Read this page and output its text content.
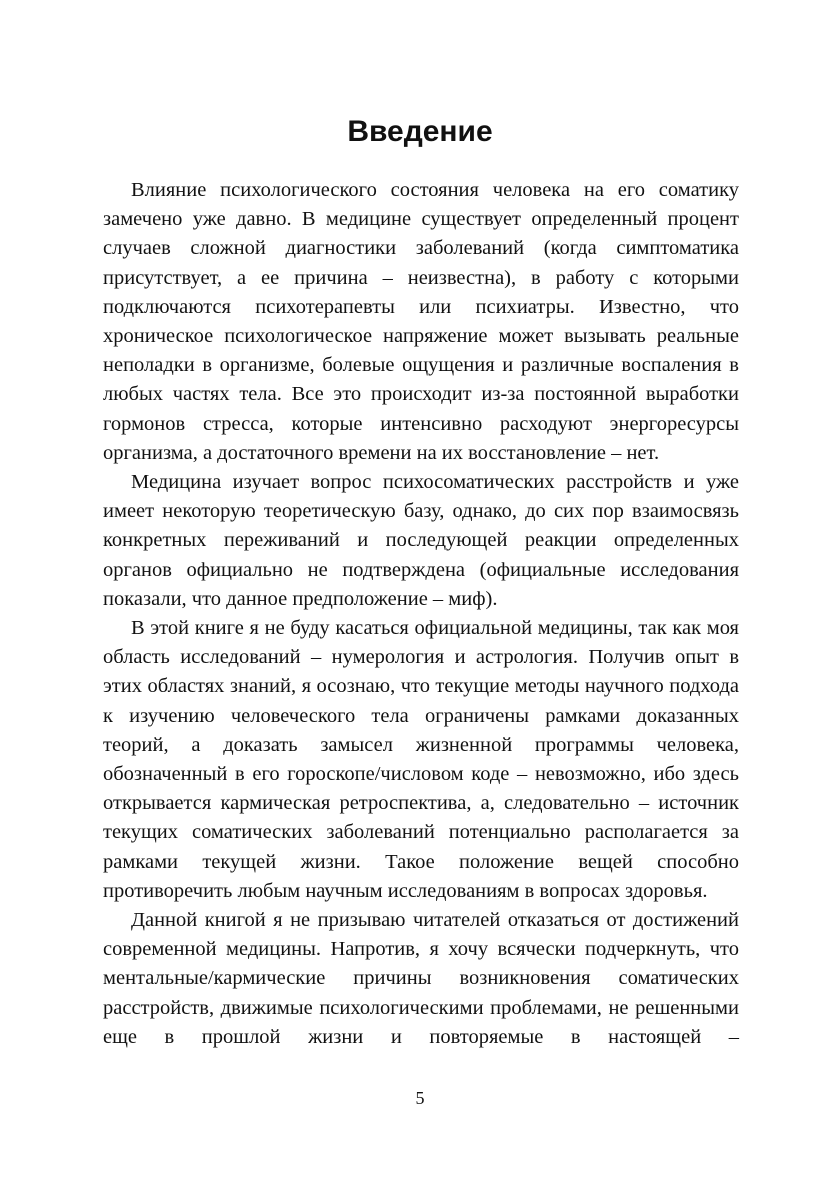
Введение

Влияние психологического состояния человека на его соматику замечено уже давно. В медицине существует определенный процент случаев сложной диагностики заболеваний (когда симптоматика присутствует, а ее причина – неизвестна), в работу с которыми подключаются психотерапевты или психиатры. Известно, что хроническое психологическое напряжение может вызывать реальные неполадки в организме, болевые ощущения и различные воспаления в любых частях тела. Все это происходит из-за постоянной выработки гормонов стресса, которые интенсивно расходуют энергоресурсы организма, а достаточного времени на их восстановление – нет.

Медицина изучает вопрос психосоматических расстройств и уже имеет некоторую теоретическую базу, однако, до сих пор взаимосвязь конкретных переживаний и последующей реакции определенных органов официально не подтверждена (официальные исследования показали, что данное предположение – миф).

В этой книге я не буду касаться официальной медицины, так как моя область исследований – нумерология и астрология. Получив опыт в этих областях знаний, я осознаю, что текущие методы научного подхода к изучению человеческого тела ограничены рамками доказанных теорий, а доказать замысел жизненной программы человека, обозначенный в его гороскопе/числовом коде – невозможно, ибо здесь открывается кармическая ретроспектива, а, следовательно – источник текущих соматических заболеваний потенциально располагается за рамками текущей жизни. Такое положение вещей способно противоречить любым научным исследованиям в вопросах здоровья.

Данной книгой я не призываю читателей отказаться от достижений современной медицины. Напротив, я хочу всячески подчеркнуть, что ментальные/кармические причины возникновения соматических расстройств, движимые психологическими проблемами, не решенными еще в прошлой жизни и повторяемые в настоящей –

5
